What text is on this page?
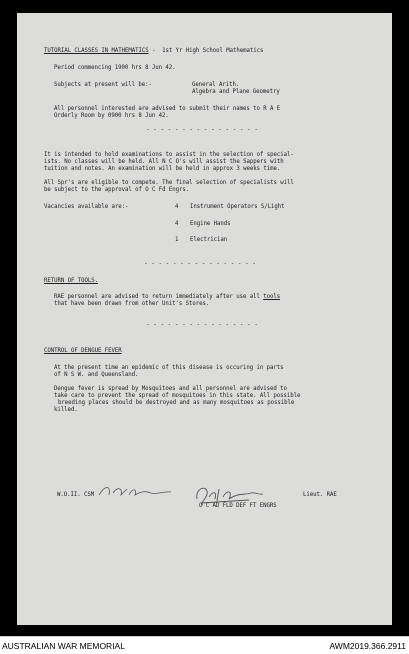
TUTORIAL CLASSES IN MATHEMATICS -  1st Yr High School Mathematics
Period commencing 1900 hrs 8 Jun 42.
Subjects at present will be:-	General Arith.
Algebra and Plane Geometry
All personnel interested are advised to submit their names to R A E
Orderly Room by 0900 hrs 8 Jun 42.
- - - - - - - - - - - - - - - -
It is intended to hold examinations to assist in the selection of special-
ists. No classes will be held. All N C O's will assist the Sappers with
tuition and notes. An examination will be held in approx 3 weeks time.
All Spr's are eligible to compete. The final selection of specialists will
be subject to the approval of O C Fd Engrs.
Vacancies available are:-	4 Instrument Operators S/Light
4 Engine Hands
1 Electrician
- - - - - - - - - - - - - - - -
RETURN OF TOOLS.
RAE personnel are advised to return immediately after use all tools
that have been drawn from other Unit's Stores.
- - - - - - - - - - - - - - - -
CONTROL OF DENGUE FEVER
At the present time an epidemic of this disease is occuring in parts
of N S W. and Queensland.
Dengue fever is spread by Mosquitoes and all personnel are advised to
take care to prevent the spread of mosquitoes in this state. All possible
breeding places should be destroyed and as many mosquitoes as possible
killed.
W.O.II. CSM	Lieut. RAE
O C AD FLD DEF FT ENGRS
AUSTRALIAN WAR MEMORIAL	AWM2019.366.2911
